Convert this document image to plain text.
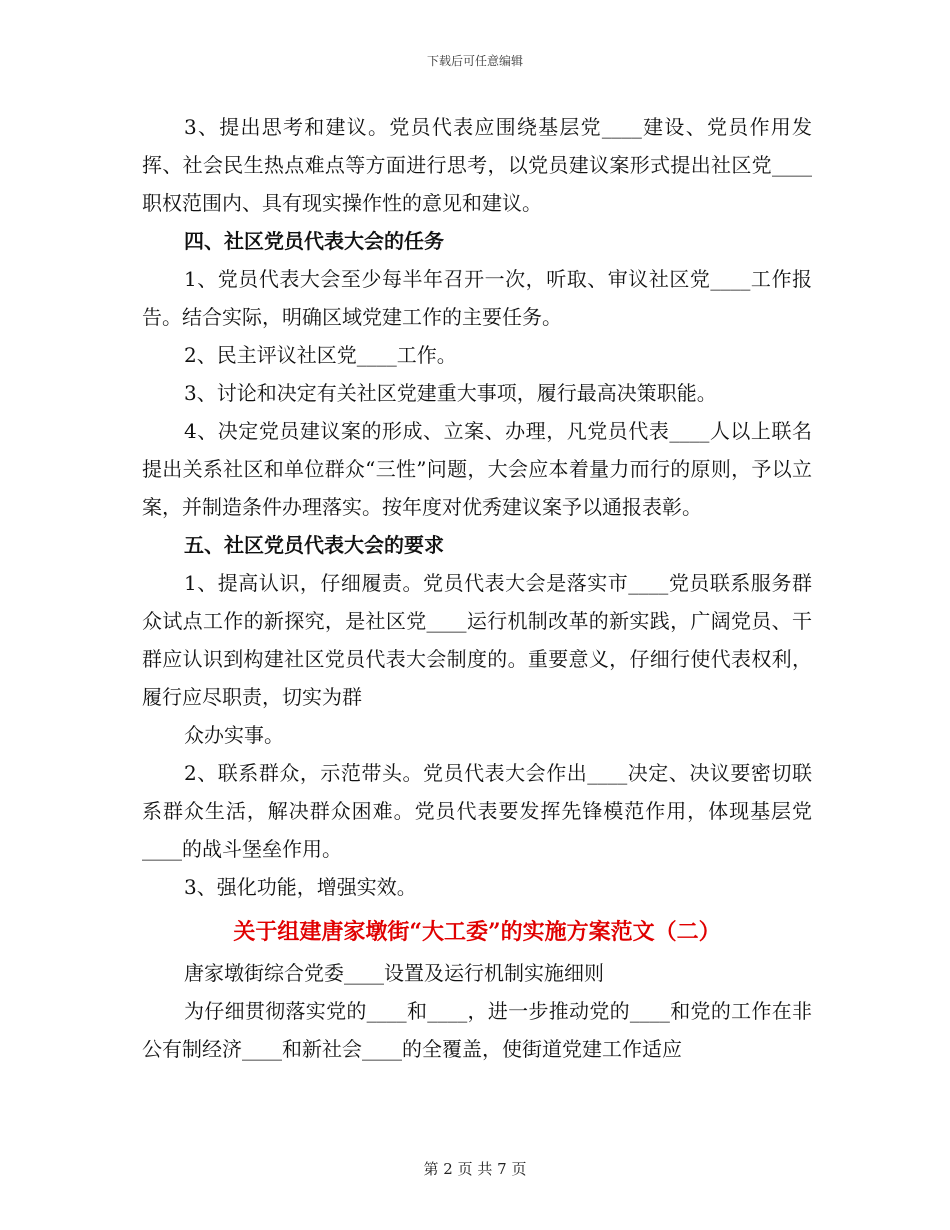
下载后可任意编辑

3、提出思考和建议。党员代表应围绕基层党____建设、党员作用发挥、社会民生热点难点等方面进行思考，以党员建议案形式提出社区党____职权范围内、具有现实操作性的意见和建议。

四、社区党员代表大会的任务

1、党员代表大会至少每半年召开一次，听取、审议社区党____工作报告。结合实际，明确区域党建工作的主要任务。

2、民主评议社区党____工作。

3、讨论和决定有关社区党建重大事项，履行最高决策职能。

4、决定党员建议案的形成、立案、办理，凡党员代表____人以上联名提出关系社区和单位群众“三性”问题，大会应本着量力而行的原则，予以立案，并制造条件办理落实。按年度对优秀建议案予以通报表彰。

五、社区党员代表大会的要求

1、提高认识，仔细履责。党员代表大会是落实市____党员联系服务群众试点工作的新探究，是社区党____运行机制改革的新实践，广阔党员、干群应认识到构建社区党员代表大会制度的。重要意义，仔细行使代表权利，履行应尽职责，切实为群

众办实事。

2、联系群众，示范带头。党员代表大会作出____决定、决议要密切联系群众生活，解决群众困难。党员代表要发挥先锋模范作用，体现基层党____的战斗堡垒作用。

3、强化功能，增强实效。

关于组建唐家墩街“大工委”的实施方案范文（二）

唐家墩街综合党委____设置及运行机制实施细则

为仔细贯彻落实党的____和____，进一步推动党的____和党的工作在非公有制经济____和新社会____的全覆盖，使街道党建工作适应

第 2 页 共 7 页
